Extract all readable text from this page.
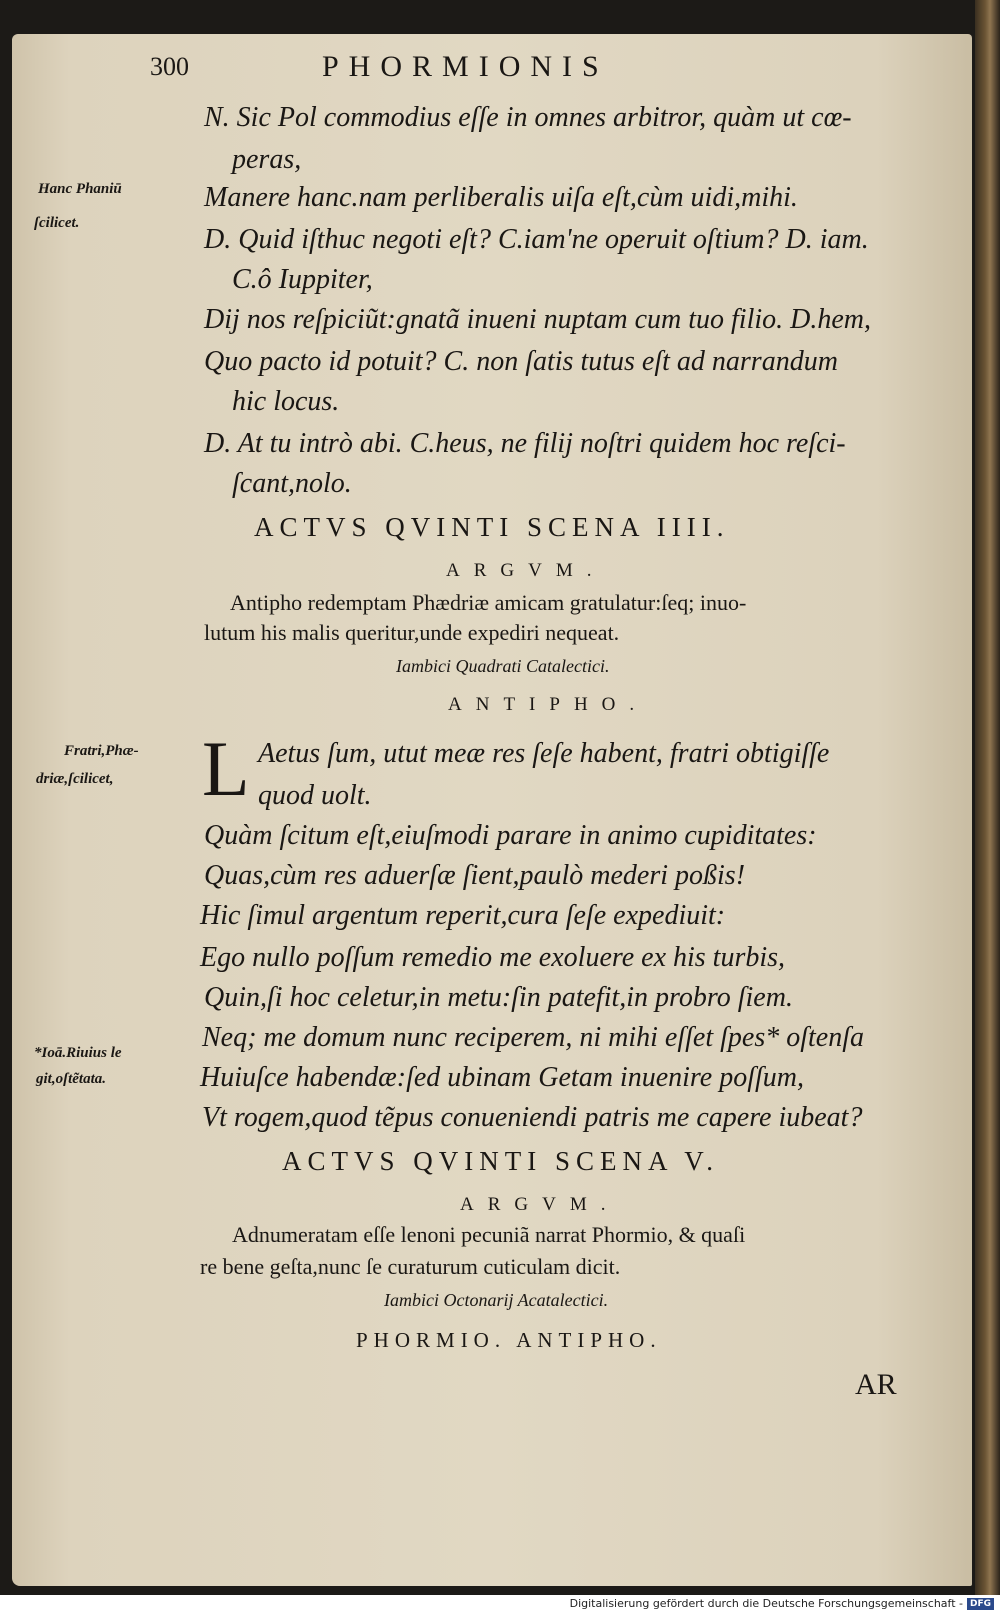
300	PHORMIONIS
Hanc Phaniū
ſcilicet.
Fratri,Phæ-
driæ,ſcilicet,
*Ioā.Riuius le
git,oſtẽtata.
N. Sic Pol commodius eſſe in omnes arbitror, quàm ut cœ-
peras,
Manere hanc.nam perliberalis uiſa eſt,cùm uidi,mihi.
D. Quid iſthuc negoti eſt? C.iam'ne operuit oſtium? D. iam.
C.ô Iuppiter,
Dij nos reſpiciũt:gnatã inueni nuptam cum tuo filio. D.hem,
Quo pacto id potuit? C. non ſatis tutus eſt ad narrandum
hic locus.
D. At tu intrò abi. C.heus, ne filij noſtri quidem hoc reſci-
ſcant,nolo.
ACTVS QVINTI SCENA IIII.
ARGVM.
Antipho redemptam Phædriæ amicam gratulatur:ſeq; inuo-
lutum his malis queritur,unde expediri nequeat.
Iambici Quadrati Catalectici.
ANTIPHO.
L Aetus ſum, utut meæ res ſeſe habent, fratri obtigiſſe
quod uolt.
Quàm ſcitum eſt,eiuſmodi parare in animo cupiditates:
Quas,cùm res aduerſæ ſient,paulò mederi poßis!
Hic ſimul argentum reperit,cura ſeſe expediuit:
Ego nullo poſſum remedio me exoluere ex his turbis,
Quin,ſi hoc celetur,in metu:ſin patefit,in probro ſiem.
Neq; me domum nunc reciperem, ni mihi eſſet ſpes* oſtenſa
Huiuſce habendæ:ſed ubinam Getam inuenire poſſum,
Vt rogem,quod tẽpus conueniendi patris me capere iubeat?
ACTVS QVINTI SCENA V.
ARGVM.
Adnumeratam eſſe lenoni pecuniã narrat Phormio, & quaſi
re bene geſta,nunc ſe curaturum cuticulam dicit.
Iambici Octonarij Acatalectici.
PHORMIO. ANTIPHO.
AR
Digitalisierung gefördert durch die Deutsche Forschungsgemeinschaft - DFG
